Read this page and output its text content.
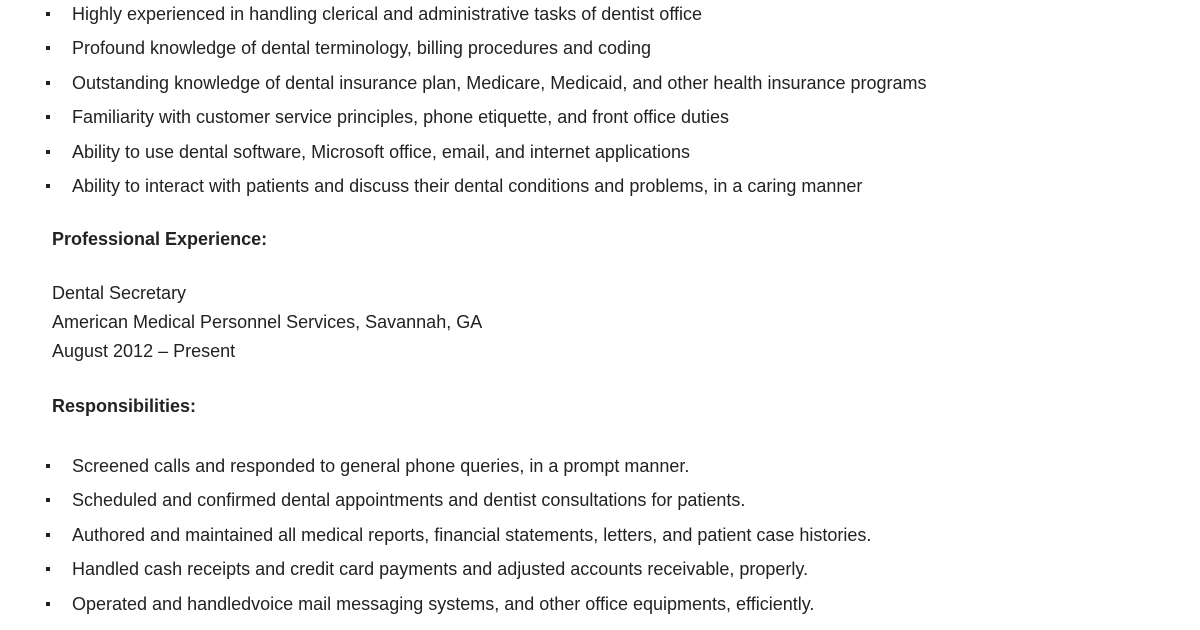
Highly experienced in handling clerical and administrative tasks of dentist office
Profound knowledge of dental terminology, billing procedures and coding
Outstanding knowledge of dental insurance plan, Medicare, Medicaid, and other health insurance programs
Familiarity with customer service principles, phone etiquette, and front office duties
Ability to use dental software, Microsoft office, email, and internet applications
Ability to interact with patients and discuss their dental conditions and problems, in a caring manner
Professional Experience:
Dental Secretary
American Medical Personnel Services, Savannah, GA
August 2012 – Present
Responsibilities:
Screened calls and responded to general phone queries, in a prompt manner.
Scheduled and confirmed dental appointments and dentist consultations for patients.
Authored and maintained all medical reports, financial statements, letters, and patient case histories.
Handled cash receipts and credit card payments and adjusted accounts receivable, properly.
Operated and handledvoice mail messaging systems, and other office equipments, efficiently.
